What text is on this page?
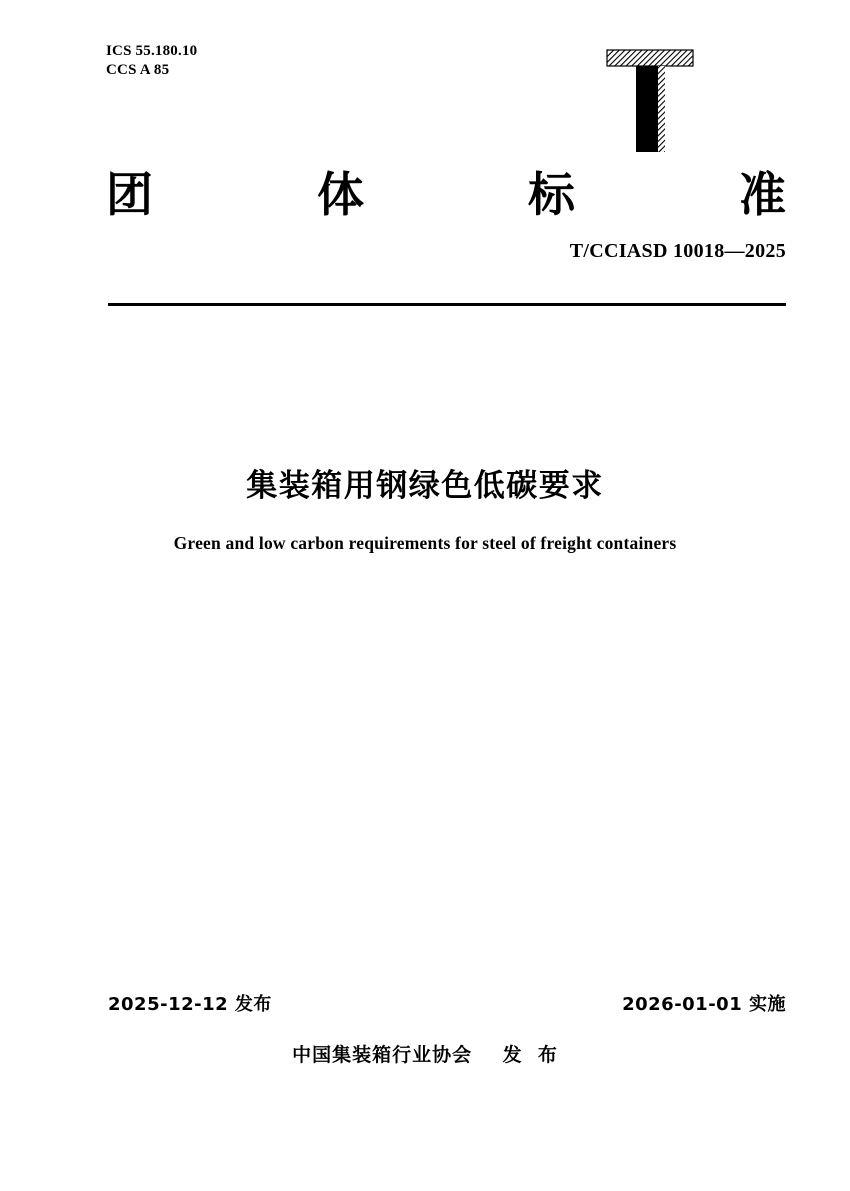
ICS 55.180.10
CCS A 85
团	体	标	准
T/CCIASD 10018—2025
集装箱用钢绿色低碳要求
Green and low carbon requirements for steel of freight containers
2025-12-12 发布	2026-01-01 实施
中国集装箱行业协会    发  布
